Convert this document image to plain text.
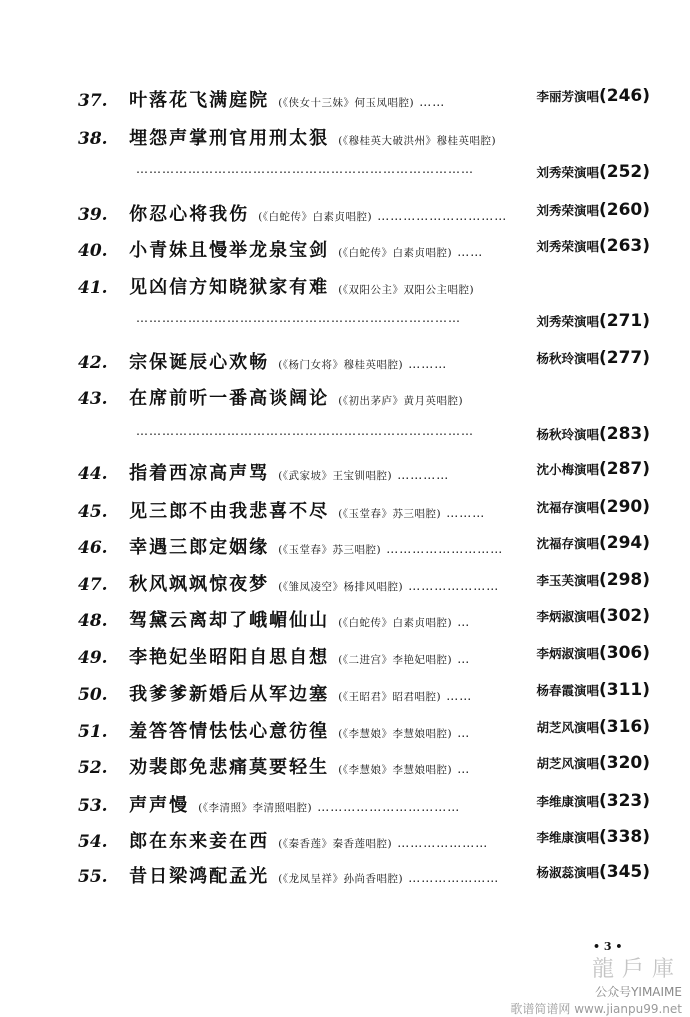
37. 叶落花飞满庭院 (《侠女十三妹》何玉凤唱腔) ……	李丽芳演唱(246)
38. 埋怨声掌刑官用刑太狠 (《穆桂英大破洪州》穆桂英唱腔)
……………………………………………………………………	刘秀荣演唱(252)
39. 你忍心将我伤 (《白蛇传》白素贞唱腔) ………………………… 刘秀荣演唱(260)
40. 小青妹且慢举龙泉宝剑 (《白蛇传》白素贞唱腔) ……	刘秀荣演唱(263)
41. 见凶信方知晓狱家有难 (《双阳公主》双阳公主唱腔)
…………………………………………………………………	刘秀荣演唱(271)
42. 宗保诞辰心欢畅 (《杨门女将》穆桂英唱腔) ………	杨秋玲演唱(277)
43. 在席前听一番高谈阔论 (《初出茅庐》黄月英唱腔)
……………………………………………………………………	杨秋玲演唱(283)
44. 指着西凉高声骂 (《武家坡》王宝钏唱腔) …………	沈小梅演唱(287)
45. 见三郎不由我悲喜不尽 (《玉堂春》苏三唱腔) ………	沈福存演唱(290)
46. 幸遇三郎定姻缘 (《玉堂春》苏三唱腔) ………………………	沈福存演唱(294)
47. 秋风飒飒惊夜梦 (《雏凤凌空》杨排风唱腔) …………………	李玉芙演唱(298)
48. 驾黛云离却了峨嵋仙山 (《白蛇传》白素贞唱腔) …	李炳淑演唱(302)
49. 李艳妃坐昭阳自思自想 (《二进宫》李艳妃唱腔) …	李炳淑演唱(306)
50. 我爹爹新婚后从军边塞 (《王昭君》昭君唱腔) ……	杨春霞演唱(311)
51. 羞答答情怯怯心意彷徨 (《李慧娘》李慧娘唱腔) …	胡芝风演唱(316)
52. 劝裴郎免悲痛莫要轻生 (《李慧娘》李慧娘唱腔) …	胡芝风演唱(320)
53. 声声慢 (《李清照》李清照唱腔) ……………………………	李维康演唱(323)
54. 郎在东来妾在西 (《秦香莲》秦香莲唱腔) …………………	李维康演唱(338)
55. 昔日梁鸿配孟光 (《龙凤呈祥》孙尚香唱腔) …………………	杨淑蕊演唱(345)
• 3 •
龍戶庫
公众号YIMAIME
歌谱简谱网 www.jianpu99.net
